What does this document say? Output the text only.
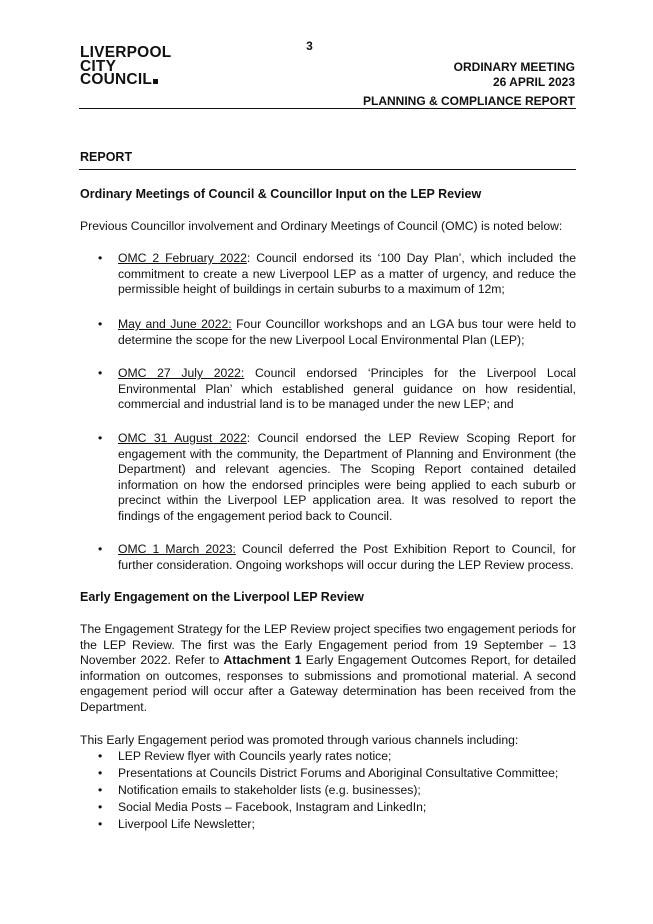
3
LIVERPOOL
CITY
COUNCIL
ORDINARY MEETING
26 APRIL 2023
PLANNING & COMPLIANCE REPORT
REPORT
Ordinary Meetings of Council & Councillor Input on the LEP Review
Previous Councillor involvement and Ordinary Meetings of Council (OMC) is noted below:
•	OMC 2 February 2022: Council endorsed its ‘100 Day Plan’, which included the commitment to create a new Liverpool LEP as a matter of urgency, and reduce the permissible height of buildings in certain suburbs to a maximum of 12m;
•	May and June 2022: Four Councillor workshops and an LGA bus tour were held to determine the scope for the new Liverpool Local Environmental Plan (LEP);
•	OMC 27 July 2022: Council endorsed ‘Principles for the Liverpool Local Environmental Plan’ which established general guidance on how residential, commercial and industrial land is to be managed under the new LEP; and
•	OMC 31 August 2022: Council endorsed the LEP Review Scoping Report for engagement with the community, the Department of Planning and Environment (the Department) and relevant agencies. The Scoping Report contained detailed information on how the endorsed principles were being applied to each suburb or precinct within the Liverpool LEP application area. It was resolved to report the findings of the engagement period back to Council.
•	OMC 1 March 2023: Council deferred the Post Exhibition Report to Council, for further consideration. Ongoing workshops will occur during the LEP Review process.
Early Engagement on the Liverpool LEP Review
The Engagement Strategy for the LEP Review project specifies two engagement periods for the LEP Review. The first was the Early Engagement period from 19 September – 13 November 2022. Refer to Attachment 1 Early Engagement Outcomes Report, for detailed information on outcomes, responses to submissions and promotional material. A second engagement period will occur after a Gateway determination has been received from the Department.
This Early Engagement period was promoted through various channels including:
•	LEP Review flyer with Councils yearly rates notice;
•	Presentations at Councils District Forums and Aboriginal Consultative Committee;
•	Notification emails to stakeholder lists (e.g. businesses);
•	Social Media Posts – Facebook, Instagram and LinkedIn;
•	Liverpool Life Newsletter;
